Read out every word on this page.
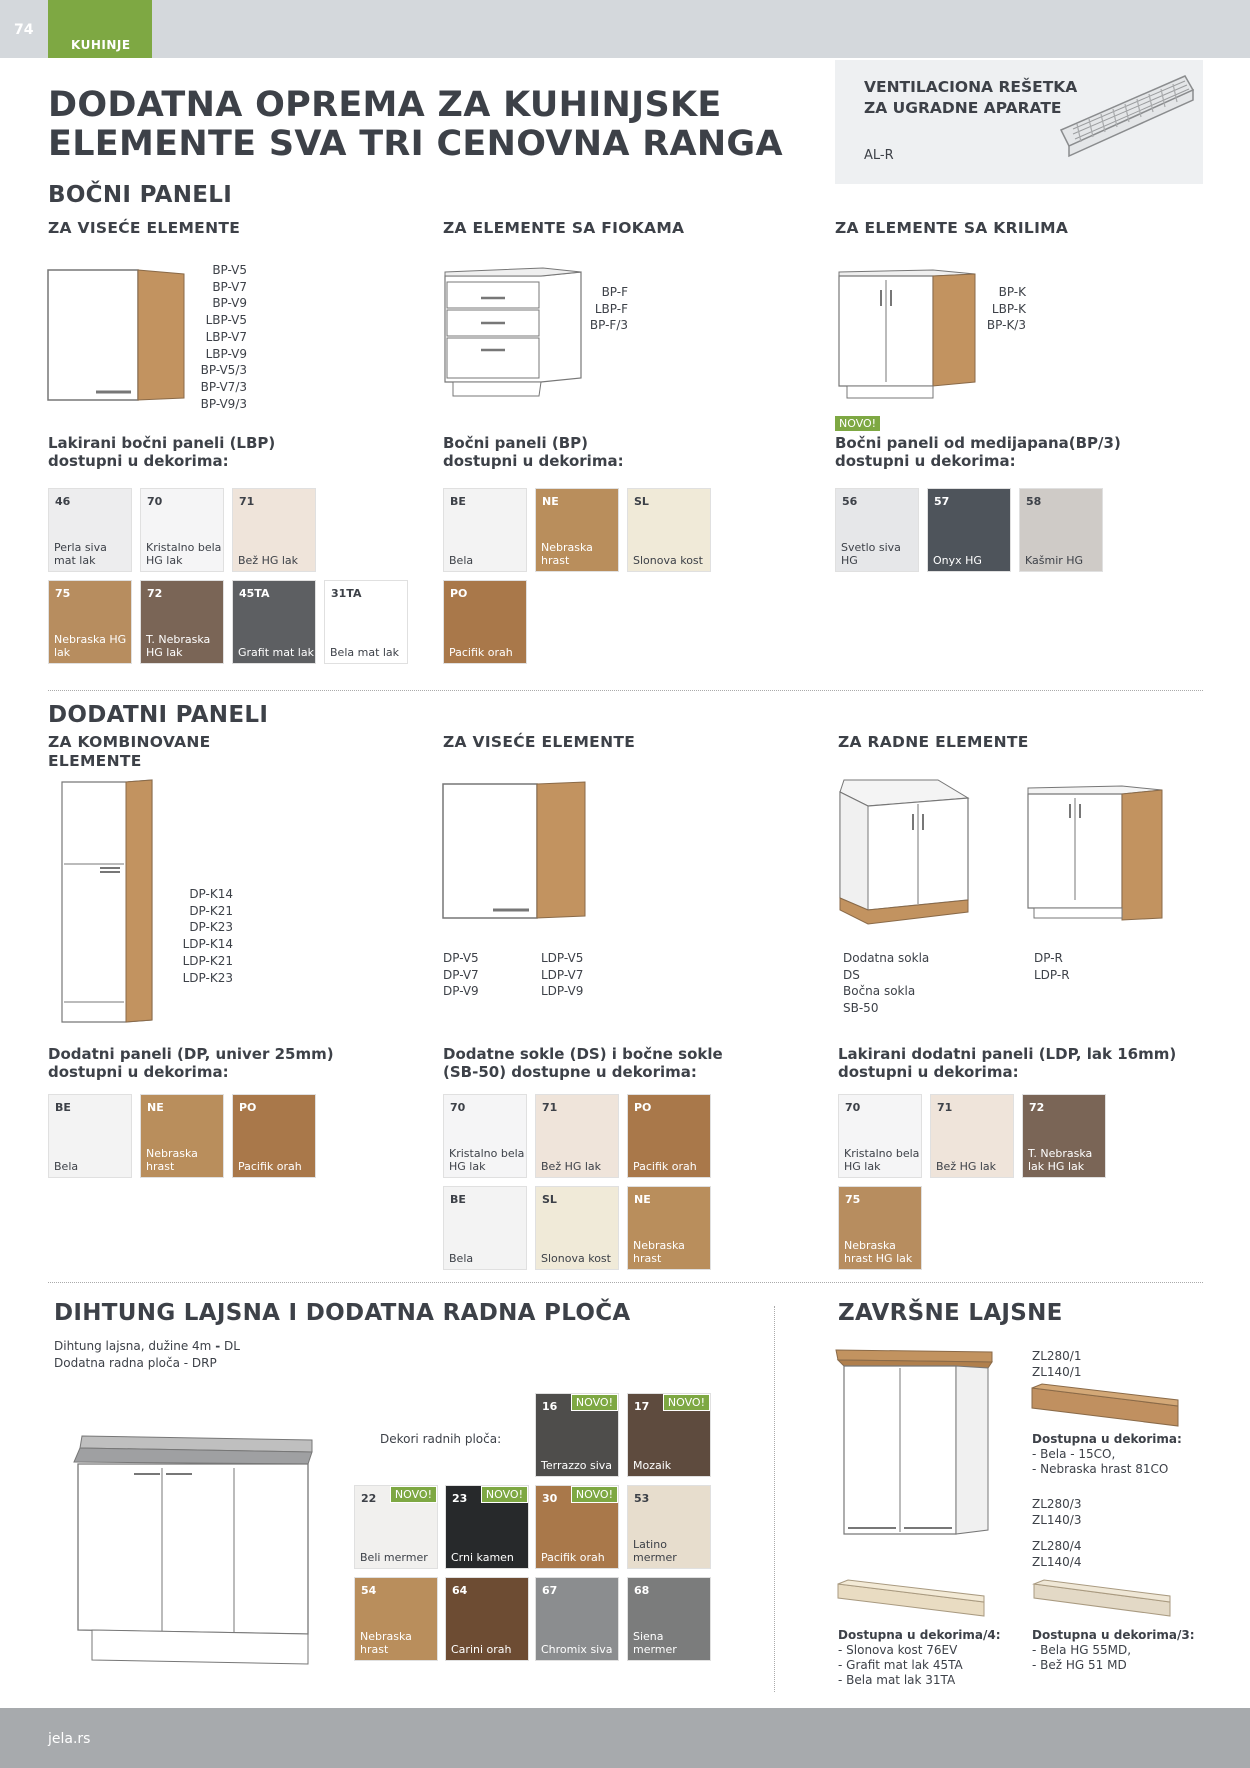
74
KUHINJE
DODATNA OPREMA ZA KUHINJSKE ELEMENTE SVA TRI CENOVNA RANGA
VENTILACIONA REŠETKA ZA UGRADNE APARATE
AL-R
BOČNI PANELI
ZA VISEĆE ELEMENTE	ZA ELEMENTE SA FIOKAMA	ZA ELEMENTE SA KRILIMA
BP-V5
BP-V7
BP-V9
LBP-V5
LBP-V7
LBP-V9
BP-V5/3
BP-V7/3
BP-V9/3
BP-F
LBP-F
BP-F/3
BP-K
LBP-K
BP-K/3
NOVO!
Lakirani bočni paneli (LBP)
dostupni u dekorima:
Bočni paneli (BP)
dostupni u dekorima:
Bočni paneli od medijapana(BP/3)
dostupni u dekorima:
DODATNI PANELI
ZA KOMBINOVANE ELEMENTE
ZA VISEĆE ELEMENTE	ZA RADNE ELEMENTE
DP-K14
DP-K21
DP-K23
LDP-K14
LDP-K21
LDP-K23
DP-V5
DP-V7
DP-V9
LDP-V5
LDP-V7
LDP-V9
Dodatna sokla
DS
Bočna sokla
SB-50
DP-R
LDP-R
Dodatni paneli (DP, univer 25mm)
dostupni u dekorima:
Dodatne sokle (DS) i bočne sokle
(SB-50) dostupne u dekorima:
Lakirani dodatni paneli (LDP, lak 16mm)
dostupni u dekorima:
DIHTUNG LAJSNA I DODATNA RADNA PLOČA
Dihtung lajsna, dužine 4m - DL
Dodatna radna ploča - DRP
Dekori radnih ploča:
ZAVRŠNE LAJSNE
ZL280/1
ZL140/1
Dostupna u dekorima:
- Bela - 15CO,
- Nebraska hrast 81CO
ZL280/3
ZL140/3
ZL280/4
ZL140/4
Dostupna u dekorima/4:
- Slonova kost 76EV
- Grafit mat lak 45TA
- Bela mat lak 31TA
Dostupna u dekorima/3:
- Bela HG 55MD,
- Bež HG 51 MD
jela.rs
46
Perla siva mat lak
70
Kristalno bela HG lak
71
Bež HG lak
75
Nebraska HG lak
72
T. Nebraska HG lak
45TA
Grafit mat lak
31TA
Bela mat lak
BE
Bela
NE
Nebraska hrast
SL
Slonova kost
PO
Pacifik orah
56
Svetlo siva HG
57
Onyx HG
58
Kašmir HG
BE
Bela
NE
Nebraska hrast
PO
Pacifik orah
70
Kristalno bela HG lak
71
Bež HG lak
PO
Pacifik orah
BE
Bela
SL
Slonova kost
NE
Nebraska hrast
70
Kristalno bela HG lak
71
Bež HG lak
72
T. Nebraska lak HG lak
75
Nebraska hrast HG lak
16
Terrazzo siva
NOVO!	17
Mozaik
NOVO!
22
Beli mermer
NOVO!	23
Crni kamen
NOVO!	30
Pacifik orah
NOVO!	53
Latino mermer
54
Nebraska hrast
64
Carini orah
67
Chromix siva
68
Siena mermer
